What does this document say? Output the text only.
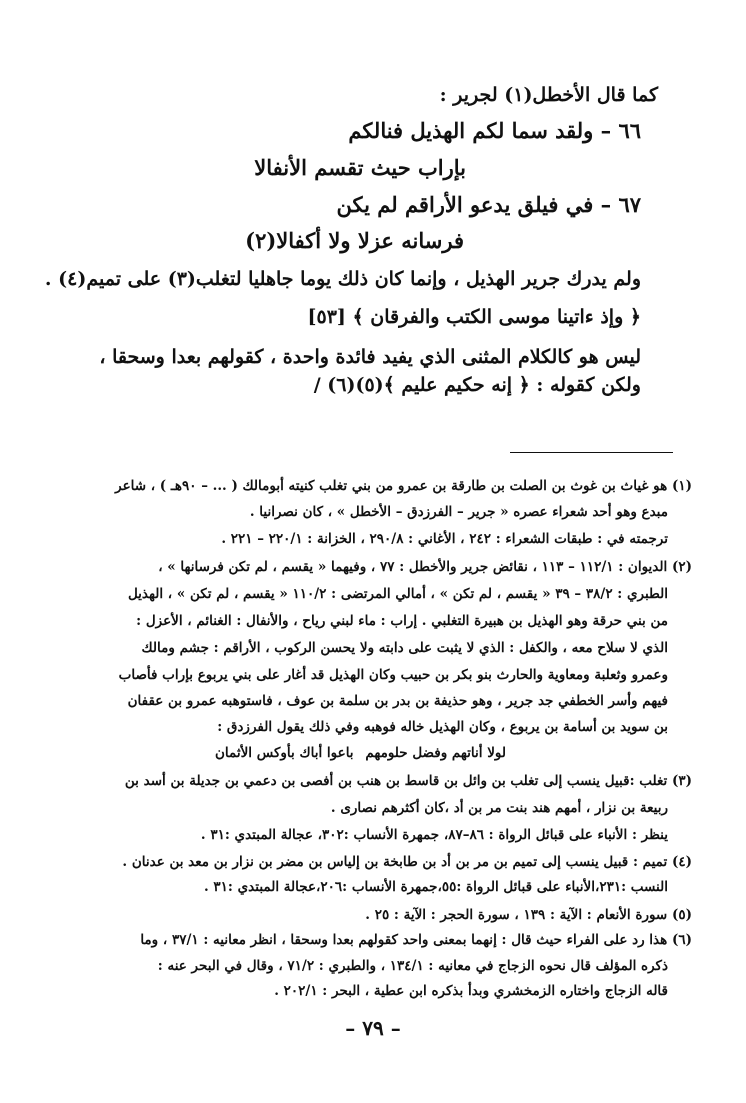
كما قال الأخطل(١) لجرير :
٦٦ – ولقد سما لكم الهذيل فنالكم
بإراب حيث تقسم الأنفالا
٦٧ – في فيلق يدعو الأراقم لم يكن
فرسانه عزلا ولا أكفالا(٢)
ولم يدرك جرير الهذيل ، وإنما كان ذلك يوما جاهليا لتغلب(٣) على تميم(٤) .
﴿ وإذ ءاتينا موسى الكتب والفرقان ﴾ [٥٣]
ليس هو كالكلام المثنى الذي يفيد فائدة واحدة ، كقولهم بعدا وسحقا ،
ولكن كقوله : ﴿ إنه حكيم عليم ﴾(٥)(٦) /
(١) هو غياث بن غوث بن الصلت بن طارقة بن عمرو من بني تغلب كنيته أبومالك ( ... – ٩٠هـ ) ، شاعر
مبدع وهو أحد شعراء عصره « جرير – الفرزدق – الأخطل » ، كان نصرانيا .
ترجمته في : طبقات الشعراء : ٢٤٢ ، الأغاني : ٢٩٠/٨ ، الخزانة : ٢٢٠/١ – ٢٢١ .
(٢) الديوان : ١١٢/١ – ١١٣ ، نقائض جرير والأخطل : ٧٧ ، وفيهما « يقسم ، لم تكن فرسانها » ،
الطبري : ٣٨/٢ – ٣٩ « يقسم ، لم تكن » ، أمالي المرتضى : ١١٠/٢ « يقسم ، لم تكن » ، الهذيل
من بني حرقة وهو الهذيل بن هبيرة التغلبي . إراب : ماء لبني رياح ، والأنفال : الغنائم ، الأعزل :
الذي لا سلاح معه ، والكفل : الذي لا يثبت على دابته ولا يحسن الركوب ، الأراقم : جشم ومالك
وعمرو وثعلبة ومعاوية والحارث بنو بكر بن حبيب وكان الهذيل قد أغار على بني يربوع بإراب فأصاب
فيهم وأسر الخطفي جد جرير ، وهو حذيفة بن بدر بن سلمة بن عوف ، فاستوهبه عمرو بن عقفان
بن سويد بن أسامة بن يربوع ، وكان الهذيل خاله فوهبه وفي ذلك يقول الفرزدق :
لولا أناتهم وفضل حلومهم
باعوا أباك بأوكس الأثمان
(٣) تغلب :قبيل ينسب إلى تغلب بن وائل بن قاسط بن هنب بن أفصى بن دعمي بن جديلة بن أسد بن
ربيعة بن نزار ، أمهم هند بنت مر بن أد ،كان أكثرهم نصارى .
ينظر : الأنباء على قبائل الرواة : ٨٦–٨٧، جمهرة الأنساب :٣٠٢، عجالة المبتدي :٣١ .
(٤) تميم : قبيل ينسب إلى تميم بن مر بن أد بن طابخة بن إلياس بن مضر بن نزار بن معد بن عدنان .
النسب :٢٣١،الأنباء على قبائل الرواة :٥٥،جمهرة الأنساب :٢٠٦،عجالة المبتدي :٣١ .
(٥) سورة الأنعام : الآية : ١٣٩ ، سورة الحجر : الآية : ٢٥ .
(٦) هذا رد على الفراء حيث قال : إنهما بمعنى واحد كقولهم بعدا وسحقا ، انظر معانيه : ٣٧/١ ، وما
ذكره المؤلف قال نحوه الزجاج في معانيه : ١٣٤/١ ، والطبري : ٧١/٢ ، وقال في البحر عنه :
قاله الزجاج واختاره الزمخشري وبدأ بذكره ابن عطية ، البحر : ٢٠٢/١ .
– ٧٩ –
